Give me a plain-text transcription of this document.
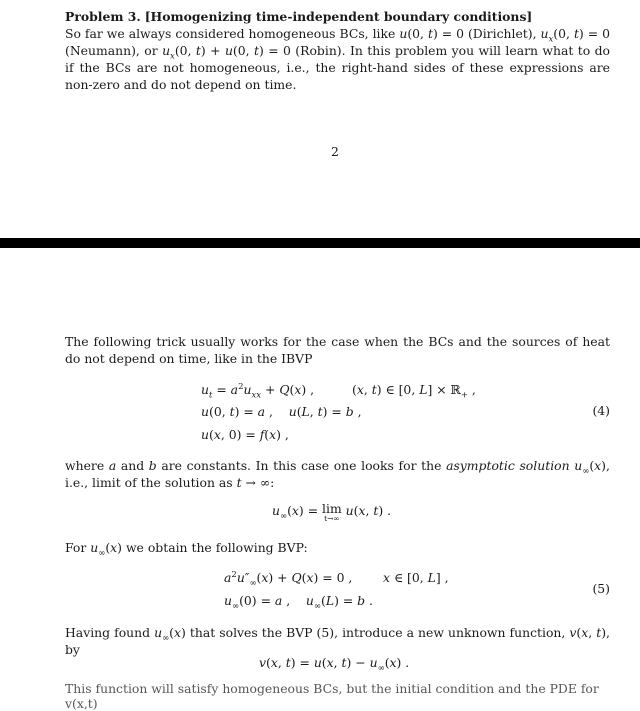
Problem 3. [Homogenizing time-independent boundary conditions]
So far we always considered homogeneous BCs, like u(0, t) = 0 (Dirichlet), $u_x(0$, t) = 0 (Neumann), or $u_x(0$, t) + u(0, t) = 0 (Robin). In this problem you will learn what to do if the BCs are not homogeneous, i.e., the right-hand sides of these expressions are non-zero and do not depend on time.
2
The following trick usually works for the case when the BCs and the sources of heat do not depend on time, like in the IBVP
$u_t = a^2u_{xx} + Q(x)$ ,	(x, t) ∈ [0, L] × ℝ$_+$ ,
u(0, t) = a ,    u(L, t) = b ,
u(x, 0) = f(x) ,
(4)
where a and b are constants. In this case one looks for the asymptotic solution $u_\infty(x)$, i.e., limit of the solution as t → ∞:
$u_\infty(x) = \lim$
t→∞
u(x, t) .
For $u_\infty(x)$ we obtain the following BVP:
$a^2u''_\infty(x) + Q(x) = 0$ , x ∈ [0, L] ,
$u_\infty(0) = a$ ,    $u_\infty(L) = b$ .
(5)
Having found $u_\infty(x)$ that solves the BVP (5), introduce a new unknown function, v(x, t), by
v(x, t) = u(x, $t) - u_\infty(x)$ .
This function will satisfy homogeneous BCs, but the initial condition and the PDE for v(x,t)
